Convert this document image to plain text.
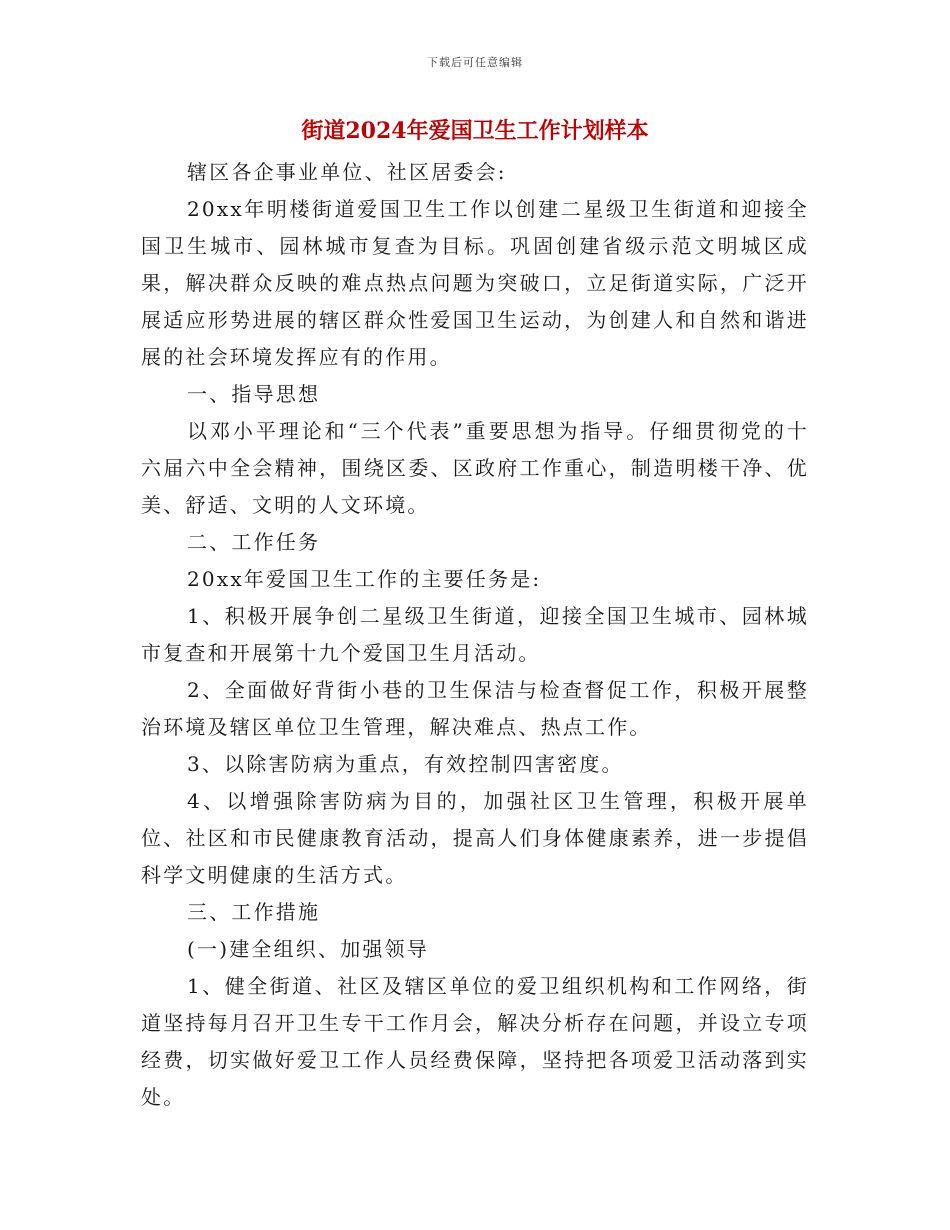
下载后可任意编辑
街道2024年爱国卫生工作计划样本

辖区各企事业单位、社区居委会:

20xx年明楼街道爱国卫生工作以创建二星级卫生街道和迎接全国卫生城市、园林城市复查为目标。巩固创建省级示范文明城区成果，解决群众反映的难点热点问题为突破口，立足街道实际，广泛开展适应形势进展的辖区群众性爱国卫生运动，为创建人和自然和谐进展的社会环境发挥应有的作用。

一、指导思想

以邓小平理论和“三个代表”重要思想为指导。仔细贯彻党的十六届六中全会精神，围绕区委、区政府工作重心，制造明楼干净、优美、舒适、文明的人文环境。

二、工作任务

20xx年爱国卫生工作的主要任务是:

1、积极开展争创二星级卫生街道，迎接全国卫生城市、园林城市复查和开展第十九个爱国卫生月活动。

2、全面做好背街小巷的卫生保洁与检查督促工作，积极开展整治环境及辖区单位卫生管理，解决难点、热点工作。

3、以除害防病为重点，有效控制四害密度。

4、以增强除害防病为目的，加强社区卫生管理，积极开展单位、社区和市民健康教育活动，提高人们身体健康素养，进一步提倡科学文明健康的生活方式。

三、工作措施

(一)建全组织、加强领导

1、健全街道、社区及辖区单位的爱卫组织机构和工作网络，街道坚持每月召开卫生专干工作月会，解决分析存在问题，并设立专项经费，切实做好爱卫工作人员经费保障，坚持把各项爱卫活动落到实处。
